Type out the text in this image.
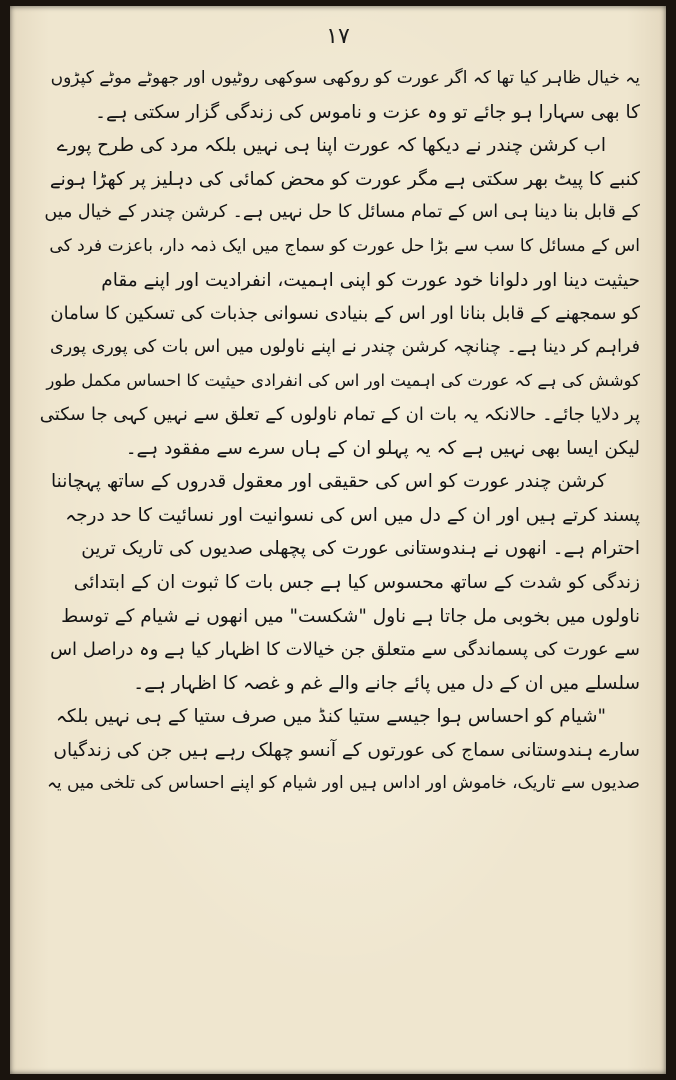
۱۷
یہ خیال ظاہر کیا تھا کہ اگر عورت کو روکھی سوکھی روٹیوں اور جھوٹے موٹے کپڑوں
کا بھی سہارا ہو جائے تو وہ عزت و ناموس کی زندگی گزار سکتی ہے۔
اب کرشن چندر نے دیکھا کہ عورت اپنا ہی نہیں بلکہ مرد کی طرح پورے
کنبے کا پیٹ بھر سکتی ہے مگر عورت کو محض کمائی کی دہلیز پر کھڑا ہونے
کے قابل بنا دینا ہی اس کے تمام مسائل کا حل نہیں ہے۔ کرشن چندر کے خیال میں
اس کے مسائل کا سب سے بڑا حل عورت کو سماج میں ایک ذمہ دار، باعزت فرد کی
حیثیت دینا اور دلوانا خود عورت کو اپنی اہمیت، انفرادیت اور اپنے مقام
کو سمجھنے کے قابل بنانا اور اس کے بنیادی نسوانی جذبات کی تسکین کا سامان
فراہم کر دینا ہے۔ چنانچہ کرشن چندر نے اپنے ناولوں میں اس بات کی پوری پوری
کوشش کی ہے کہ عورت کی اہمیت اور اس کی انفرادی حیثیت کا احساس مکمل طور
پر دلایا جائے۔ حالانکہ یہ بات ان کے تمام ناولوں کے تعلق سے نہیں کہی جا سکتی
لیکن ایسا بھی نہیں ہے کہ یہ پہلو ان کے ہاں سرے سے مفقود ہے۔
کرشن چندر عورت کو اس کی حقیقی اور معقول قدروں کے ساتھ پہچاننا
پسند کرتے ہیں اور ان کے دل میں اس کی نسوانیت اور نسائیت کا حد درجہ
احترام ہے۔ انھوں نے ہندوستانی عورت کی پچھلی صدیوں کی تاریک ترین
زندگی کو شدت کے ساتھ محسوس کیا ہے جس بات کا ثبوت ان کے ابتدائی
ناولوں میں بخوبی مل جاتا ہے ناول "شکست" میں انھوں نے شیام کے توسط
سے عورت کی پسماندگی سے متعلق جن خیالات کا اظہار کیا ہے وہ دراصل اس
سلسلے میں ان کے دل میں پائے جانے والے غم و غصہ کا اظہار ہے۔
"شیام کو احساس ہوا جیسے ستیا کنڈ میں صرف ستیا کے ہی نہیں بلکہ
سارے ہندوستانی سماج کی عورتوں کے آنسو چھلک رہے ہیں جن کی زندگیاں
صدیوں سے تاریک، خاموش اور اداس ہیں اور شیام کو اپنے احساس کی تلخی میں یہ
